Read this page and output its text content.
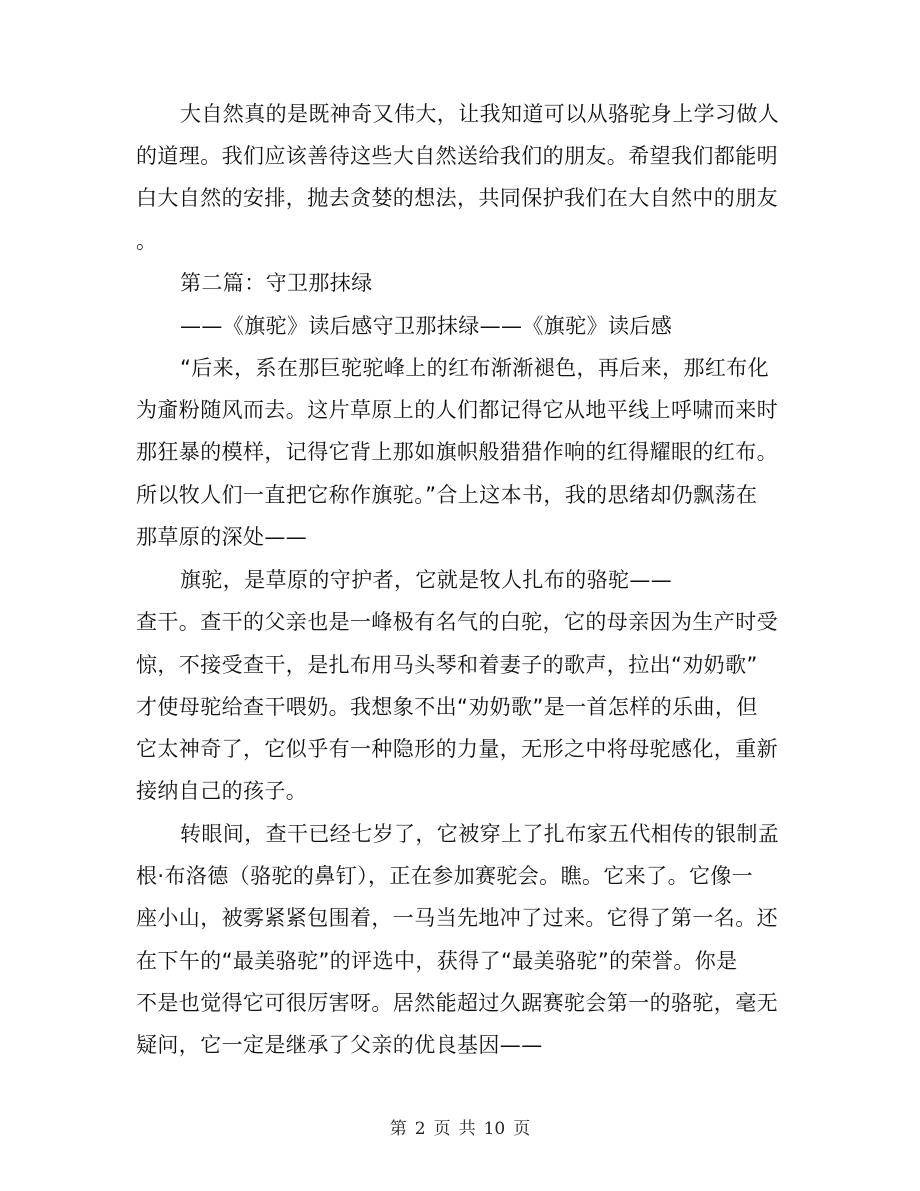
大自然真的是既神奇又伟大，让我知道可以从骆驼身上学习做人
的道理。我们应该善待这些大自然送给我们的朋友。希望我们都能明
白大自然的安排，抛去贪婪的想法，共同保护我们在大自然中的朋友
。
第二篇：守卫那抹绿
——《旗驼》读后感守卫那抹绿——《旗驼》读后感
“后来，系在那巨驼驼峰上的红布渐渐褪色，再后来，那红布化
为齑粉随风而去。这片草原上的人们都记得它从地平线上呼啸而来时
那狂暴的模样，记得它背上那如旗帜般猎猎作响的红得耀眼的红布。
所以牧人们一直把它称作旗驼。”合上这本书，我的思绪却仍飘荡在
那草原的深处——
旗驼，是草原的守护者，它就是牧人扎布的骆驼——
查干。查干的父亲也是一峰极有名气的白驼，它的母亲因为生产时受
惊，不接受查干，是扎布用马头琴和着妻子的歌声，拉出“劝奶歌”
才使母驼给查干喂奶。我想象不出“劝奶歌”是一首怎样的乐曲，但
它太神奇了，它似乎有一种隐形的力量，无形之中将母驼感化，重新
接纳自己的孩子。
转眼间，查干已经七岁了，它被穿上了扎布家五代相传的银制孟
根·布洛德（骆驼的鼻钉），正在参加赛驼会。瞧。它来了。它像一
座小山，被雾紧紧包围着，一马当先地冲了过来。它得了第一名。还
在下午的“最美骆驼”的评选中，获得了“最美骆驼”的荣誉。你是
不是也觉得它可很厉害呀。居然能超过久踞赛驼会第一的骆驼，毫无
疑问，它一定是继承了父亲的优良基因——
第 2 页 共 10 页
